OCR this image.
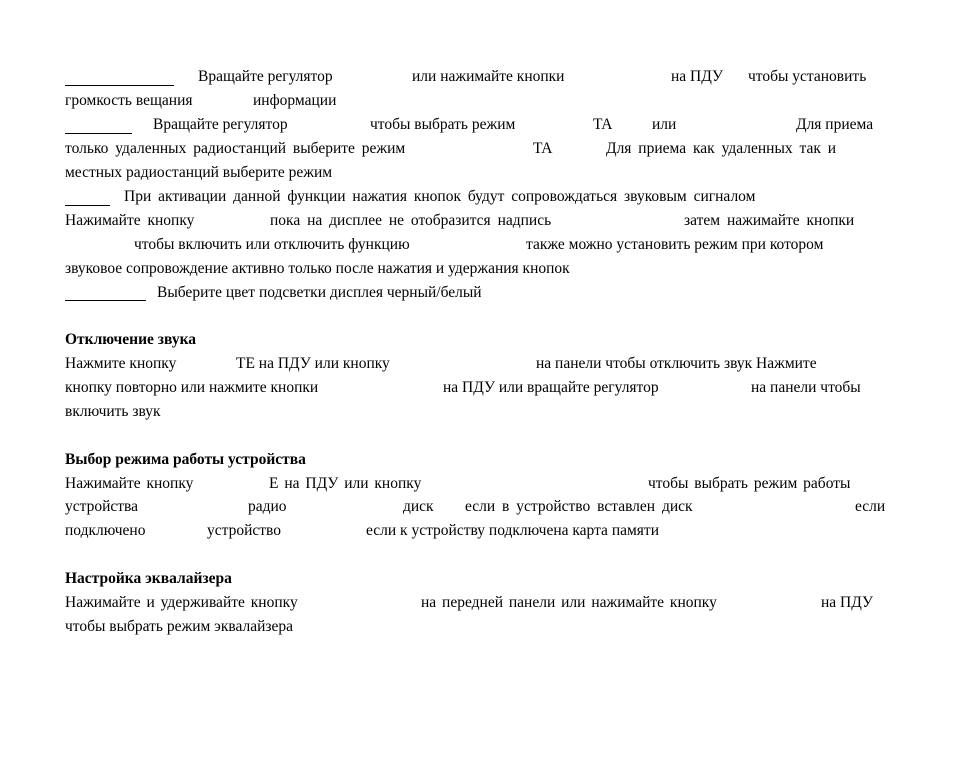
Вращайте регулятор	или нажимайте кнопки	на ПДУ чтобы установить
громкость вещания	информации
Вращайте регулятор	чтобы выбрать режим	TA	или	Для приема
только удаленных радиостанций выберите режим	TA	Для приема как удаленных так и
местных радиостанций выберите режим
При активации данной функции нажатия кнопок будут сопровождаться звуковым сигналом
Нажимайте кнопку	пока на дисплее не отобразится надпись	затем нажимайте кнопки
чтобы включить или отключить функцию	также можно установить режим при котором
звуковое сопровождение активно только после нажатия и удержания кнопок
Выберите цвет подсветки дисплея черный/белый
Отключение звука
Нажмите кнопку	TE на ПДУ или кнопку	на панели чтобы отключить звук Нажмите
кнопку повторно или нажмите кнопки	на ПДУ или вращайте регулятор	на панели чтобы
включить звук
Выбор режима работы устройства
Нажимайте кнопку	E на ПДУ или кнопку	чтобы выбрать режим работы
устройства	радио	диск если в устройство вставлен диск	если
подключено	устройство	если к устройству подключена карта памяти
Настройка эквалайзера
Нажимайте и удерживайте кнопку	на передней панели или нажимайте кнопку	на ПДУ
чтобы выбрать режим эквалайзера
